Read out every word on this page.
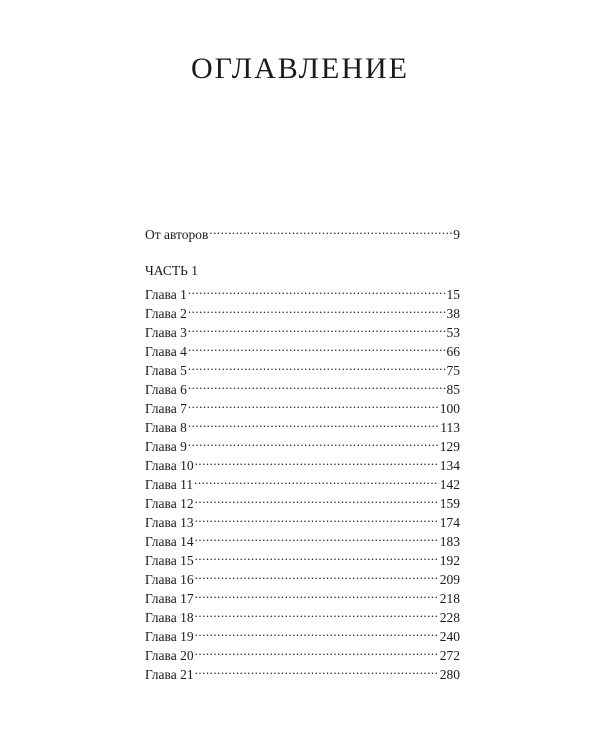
ОГЛАВЛЕНИЕ
От авторов .....	9
ЧАСТЬ 1
Глава 1 .....	15
Глава 2 .....	38
Глава 3 .....	53
Глава 4 .....	66
Глава 5 .....	75
Глава 6 .....	85
Глава 7 .....	100
Глава 8 .....	113
Глава 9 .....	129
Глава 10 .....	134
Глава 11 .....	142
Глава 12 .....	159
Глава 13 .....	174
Глава 14 .....	183
Глава 15 .....	192
Глава 16 .....	209
Глава 17 .....	218
Глава 18 .....	228
Глава 19 .....	240
Глава 20 .....	272
Глава 21 .....	280
